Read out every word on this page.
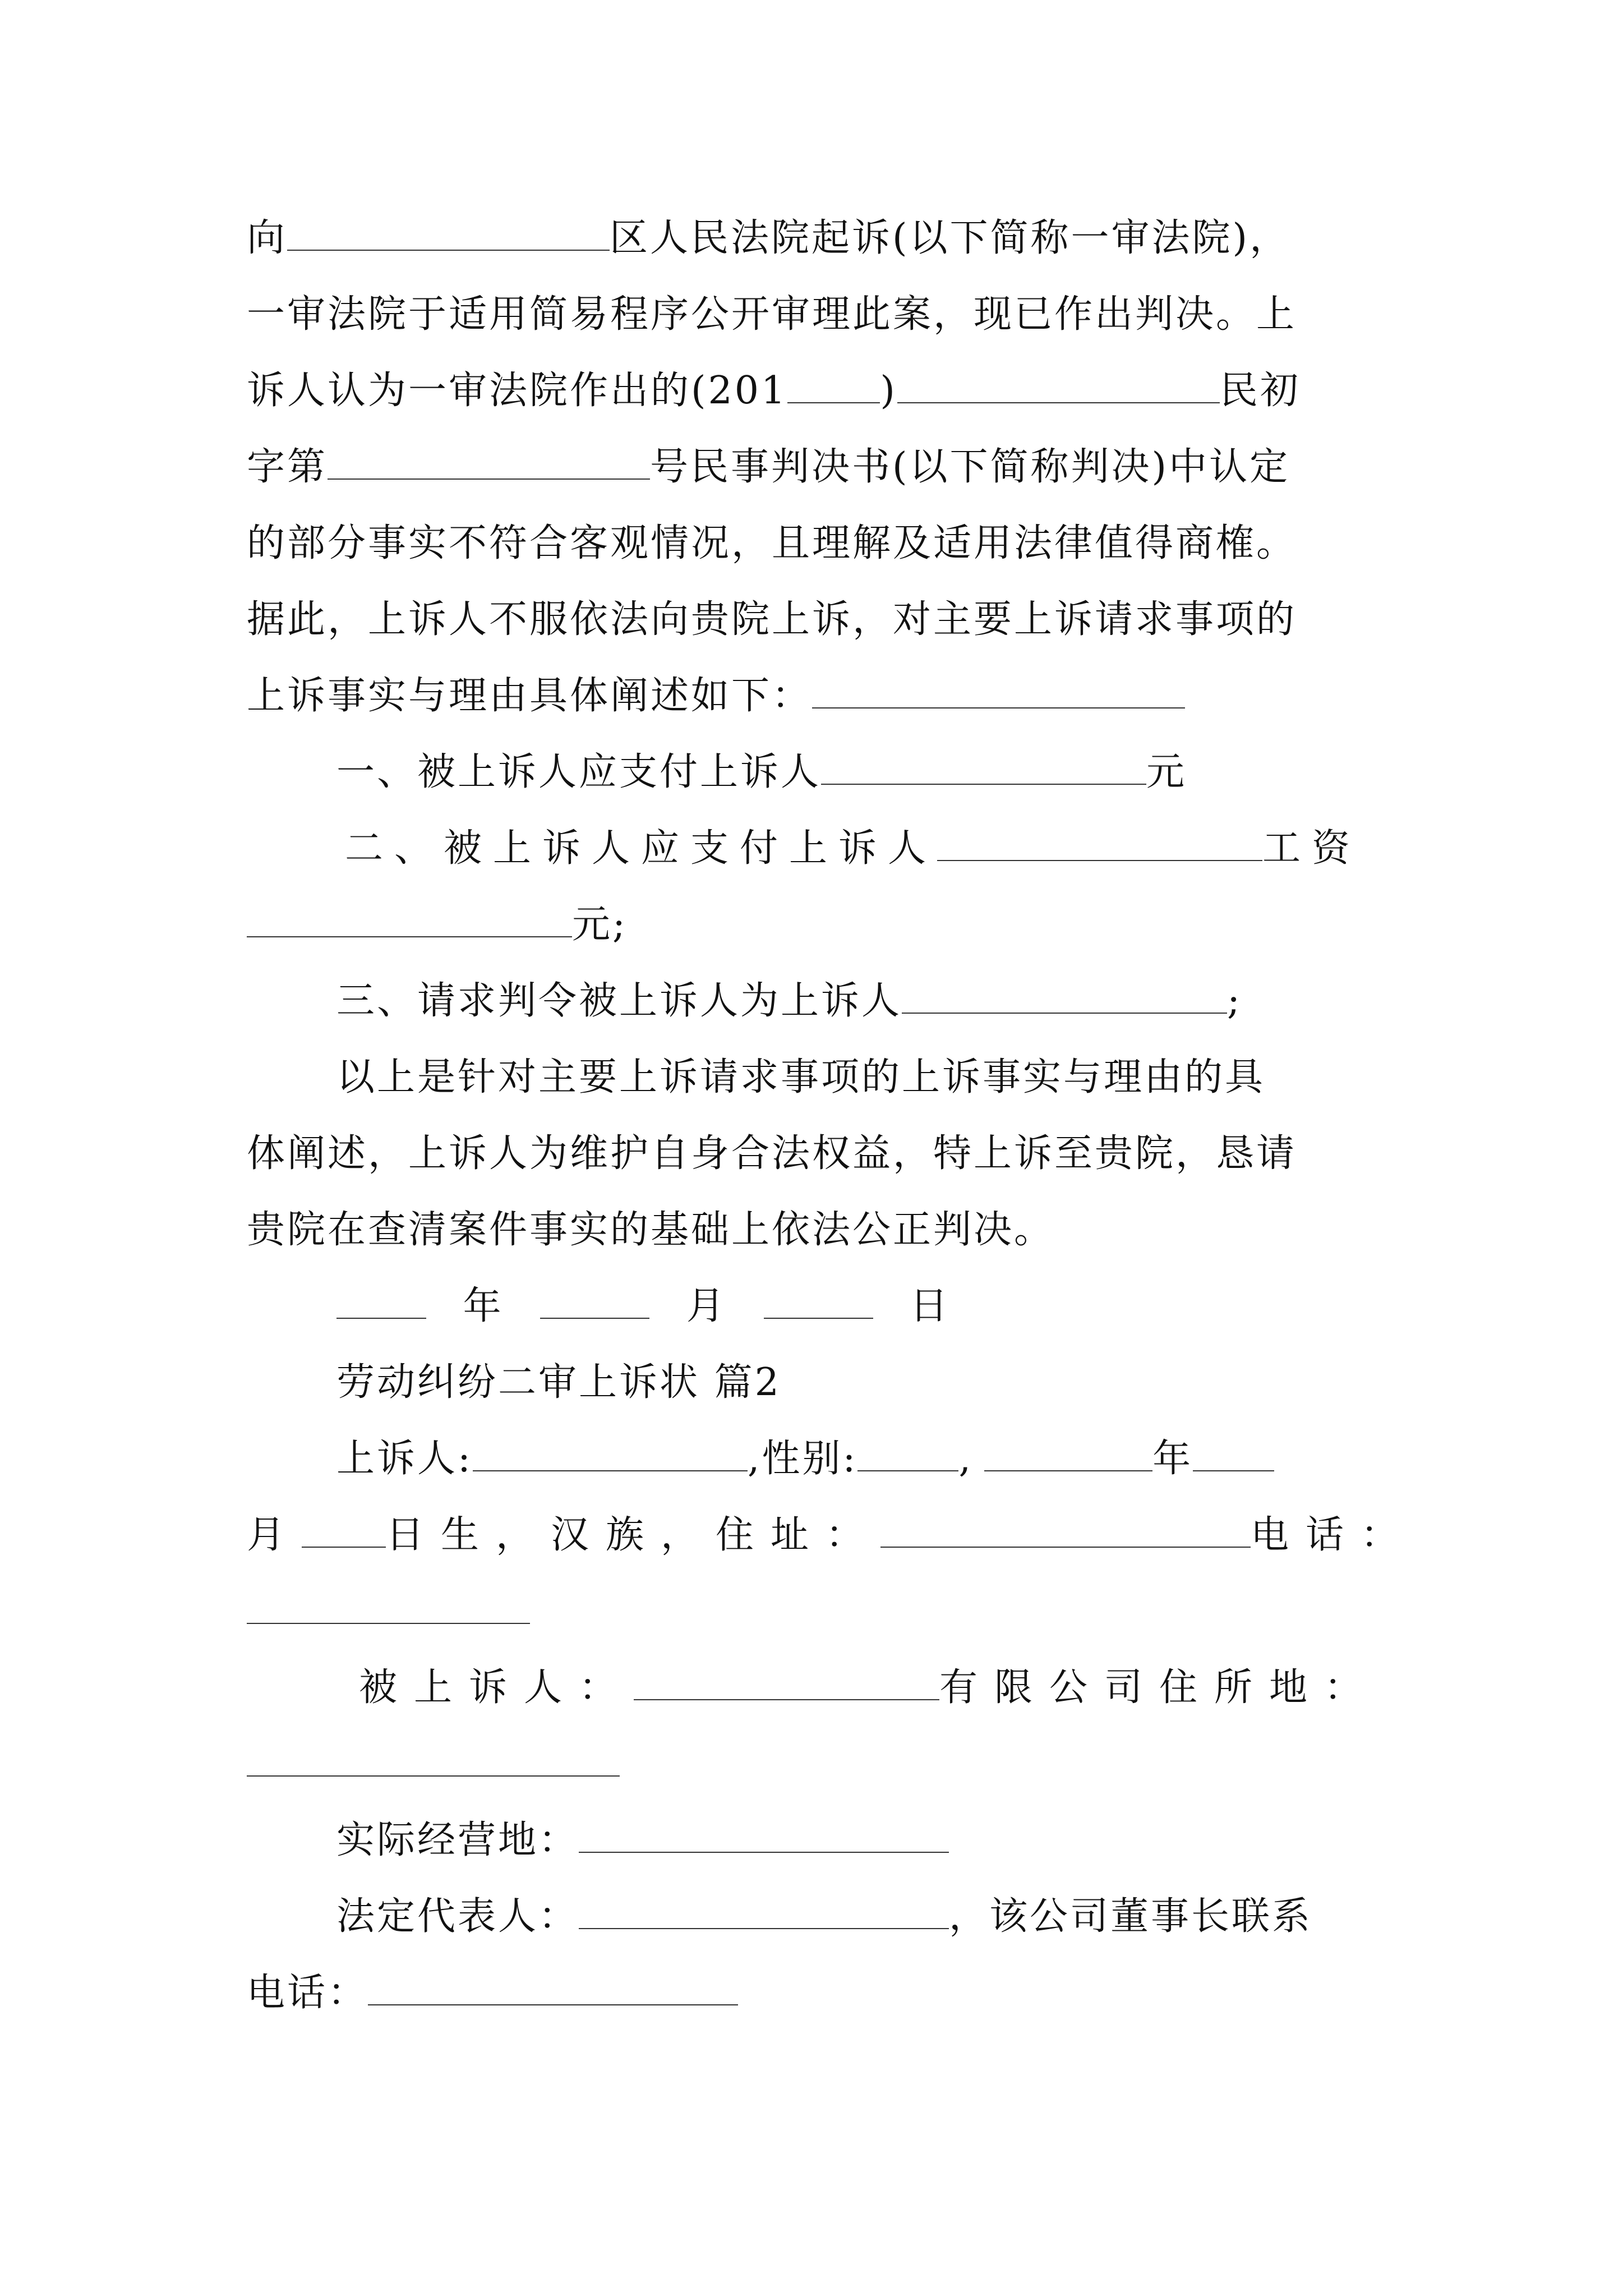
向	区人民法院起诉(以下简称一审法院)，
一审法院于适用简易程序公开审理此案，现已作出判决。上
诉人认为一审法院作出的(201 )	民初
字第	号民事判决书(以下简称判决)中认定
的部分事实不符合客观情况，且理解及适用法律值得商榷。
据此，上诉人不服依法向贵院上诉，对主要上诉请求事项的
上诉事实与理由具体阐述如下：
一、被上诉人应支付上诉人	元
二、被上诉人应支付上诉人	工资
元;
三、请求判令被上诉人为上诉人	;
以上是针对主要上诉请求事项的上诉事实与理由的具
体阐述，上诉人为维护自身合法权益，特上诉至贵院，恳请
贵院在查清案件事实的基础上依法公正判决。
年	月	日
劳动纠纷二审上诉状 篇2
上诉人:	,性别:	,	年
月 日生，汉族，住址：	电话：
被上诉人：	有限公司住所地：
实际经营地：
法定代表人：	，该公司董事长联系
电话：
